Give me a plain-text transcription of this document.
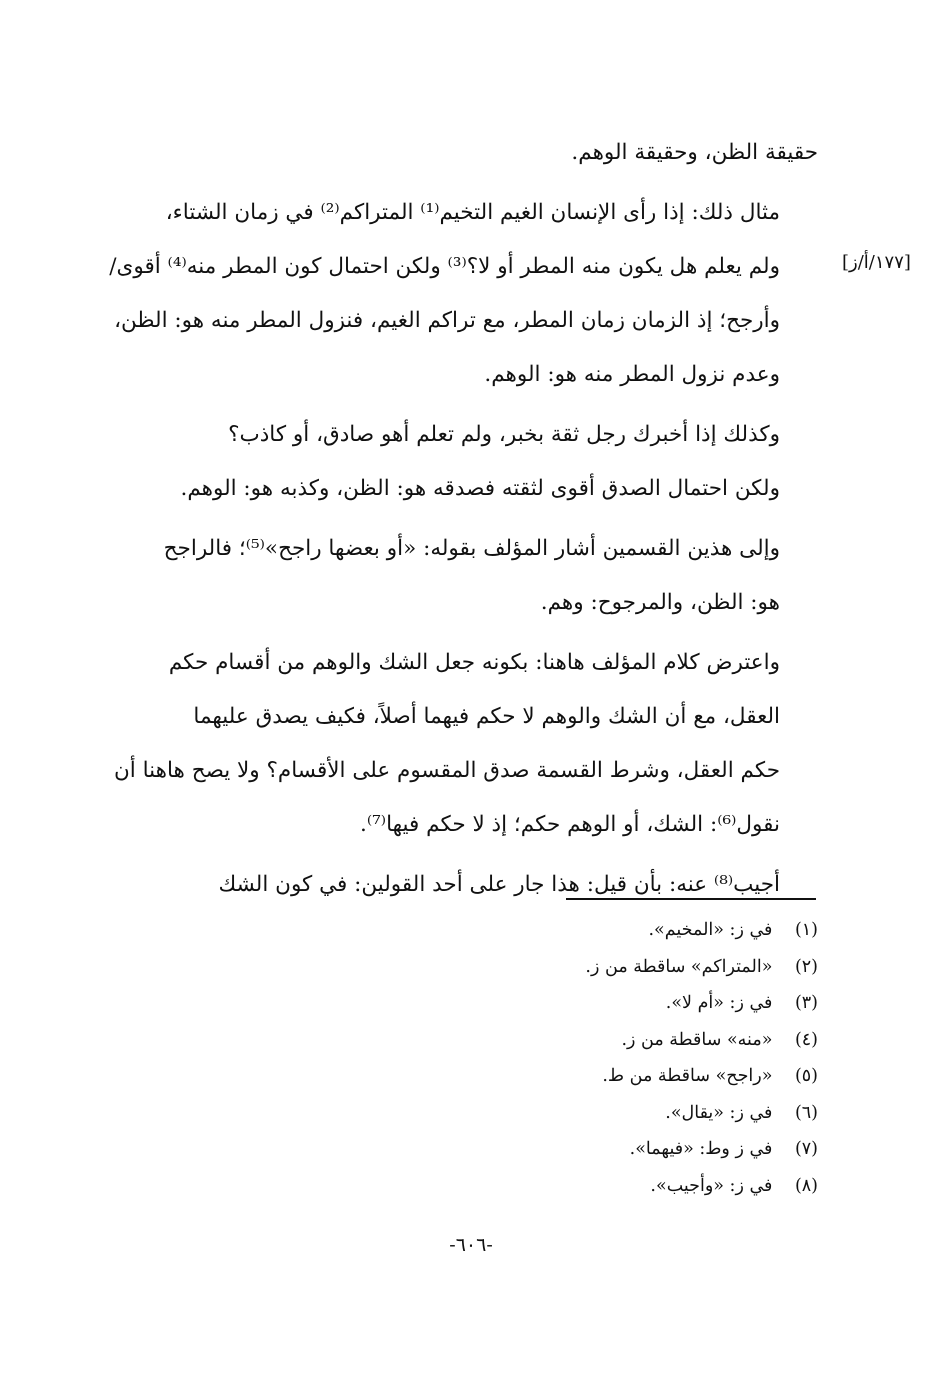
[١٧٧/أ/ز]

حقيقة الظن، وحقيقة الوهم.

مثال ذلك: إذا رأى الإنسان الغيم التخيم⁽¹⁾ المتراكم⁽²⁾ في زمان الشتاء،
ولم يعلم هل يكون منه المطر أو لا؟⁽³⁾ ولكن احتمال كون المطر منه⁽⁴⁾ أقوى/
وأرجح؛ إذ الزمان زمان المطر، مع تراكم الغيم، فنزول المطر منه هو: الظن،
وعدم نزول المطر منه هو: الوهم.

وكذلك إذا أخبرك رجل ثقة بخبر، ولم تعلم أهو صادق، أو كاذب؟
ولكن احتمال الصدق أقوى لثقته فصدقه هو: الظن، وكذبه هو: الوهم.

وإلى هذين القسمين أشار المؤلف بقوله: «أو بعضها راجح»⁽⁵⁾؛ فالراجح
هو: الظن، والمرجوح: وهم.

واعترض كلام المؤلف هاهنا: بكونه جعل الشك والوهم من أقسام حكم
العقل، مع أن الشك والوهم لا حكم فيهما أصلاً، فكيف يصدق عليهما
حكم العقل، وشرط القسمة صدق المقسوم على الأقسام؟ ولا يصح هاهنا أن
نقول⁽⁶⁾: الشك، أو الوهم حكم؛ إذ لا حكم فيها⁽⁷⁾.

أجيب⁽⁸⁾ عنه: بأن قيل: هذا جار على أحد القولين: في كون الشك

(١) في ز: «المخيم».
(٢) «المتراكم» ساقطة من ز.
(٣) في ز: «أم لا».
(٤) «منه» ساقطة من ز.
(٥) «راجح» ساقطة من ط.
(٦) في ز: «يقال».
(٧) في ز وط: «فيهما».
(٨) في ز: «وأجيب».
-٦٠٦-
